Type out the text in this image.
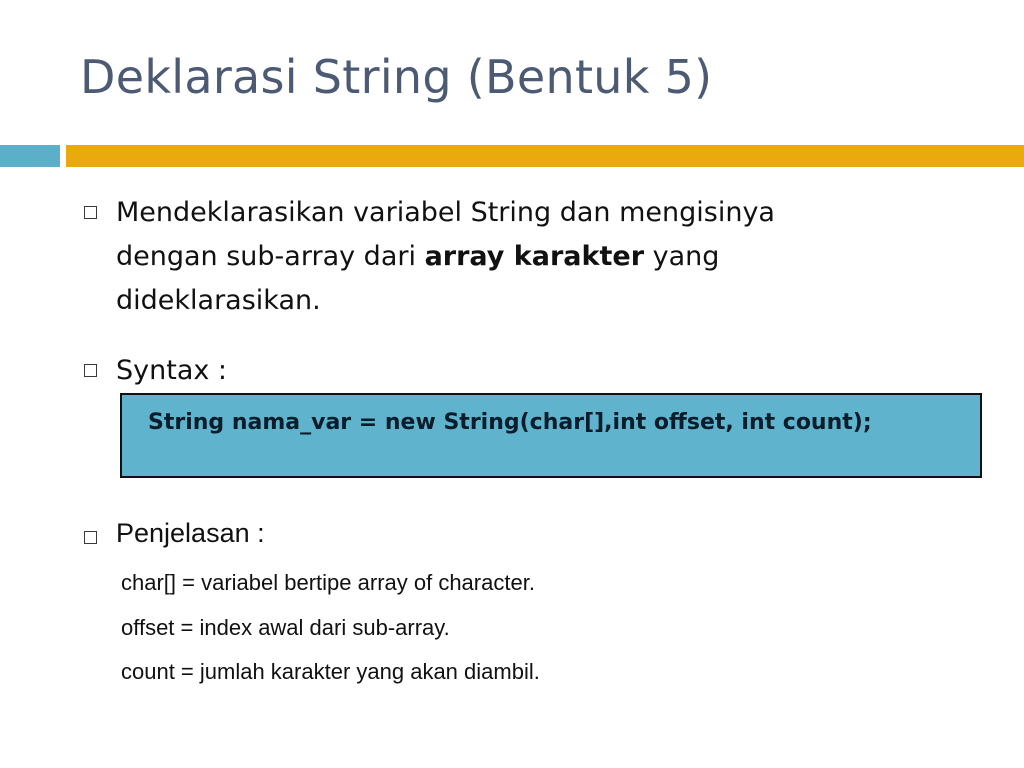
Deklarasi String (Bentuk 5)
Mendeklarasikan variabel String dan mengisinya
dengan sub-array dari array karakter yang
dideklarasikan.
Syntax :
String nama_var = new String(char[],int offset, int count);
Penjelasan :
char[] = variabel bertipe array of character.
offset = index awal dari sub-array.
count = jumlah karakter yang akan diambil.
